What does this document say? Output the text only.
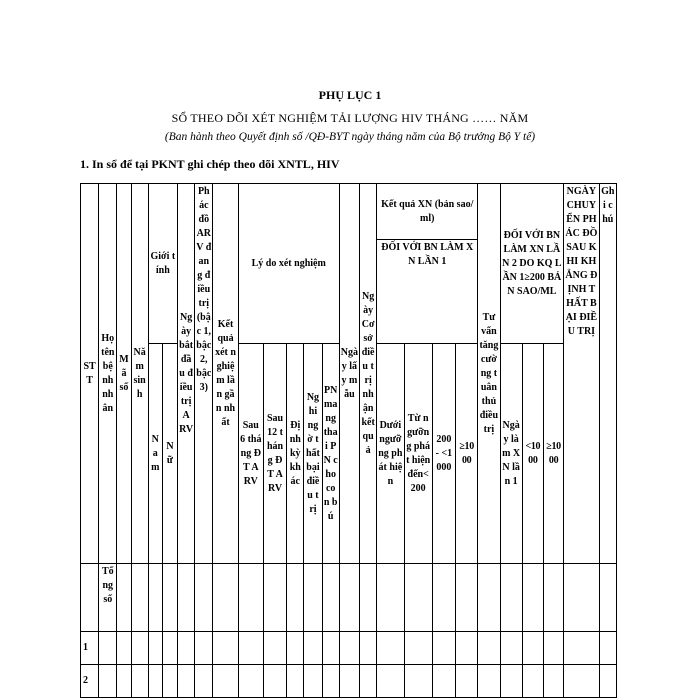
PHỤ LỤC 1
SỔ THEO DÕI XÉT NGHIỆM TẢI LƯỢNG HIV THÁNG …… NĂM
(Ban hành theo Quyết định số /QĐ-BYT ngày tháng năm của Bộ trưởng Bộ Y tế)
1. In sổ để tại PKNT ghi chép theo dõi XNTL, HIV
STT	Họ tên bệnh nhân	Mã số	Năm sinh	Giới tính		Ngày bắt đầu điều trị ARV	Phác đồ ARV đang điều trị (bậc 1, bậc 2, bậc 3)	Kết quả xét nghiệm lần gần nhất	Lý do xét nghiệm					Ngày lấy mẫu	Ngày Cơ sở điều trị nhận kết quả	Kết quả XN (bản sao/ml)				Tư vấn tăng cường tuân thủ điều trị	ĐỐI VỚI BN LÀM XN LẦN 2 DO KQ LẦN 1≥200 BẢN SAO/ML			NGÀY CHUYỂN PHÁC ĐỒ SAU KHI KHẲNG ĐỊNH THẤT BẠI ĐIỀU TRỊ	Ghi chú

																ĐỐI VỚI BN LÀM XN LẦN 1									

				Nam	Nữ				Sau 6 tháng ĐT ARV	Sau 12 tháng ĐT ARV	Định kỳ khác	Nghi ngờ thất bại điều trị	PN mang thai PN cho con bú			Dưới ngưỡng phát hiện	Từ ngưỡng phát hiện đến< 200	200 - <1000	≥1000		Ngày làm XN lần 1	<1000	≥1000		

	Tổng số																								

1																									
2																									
